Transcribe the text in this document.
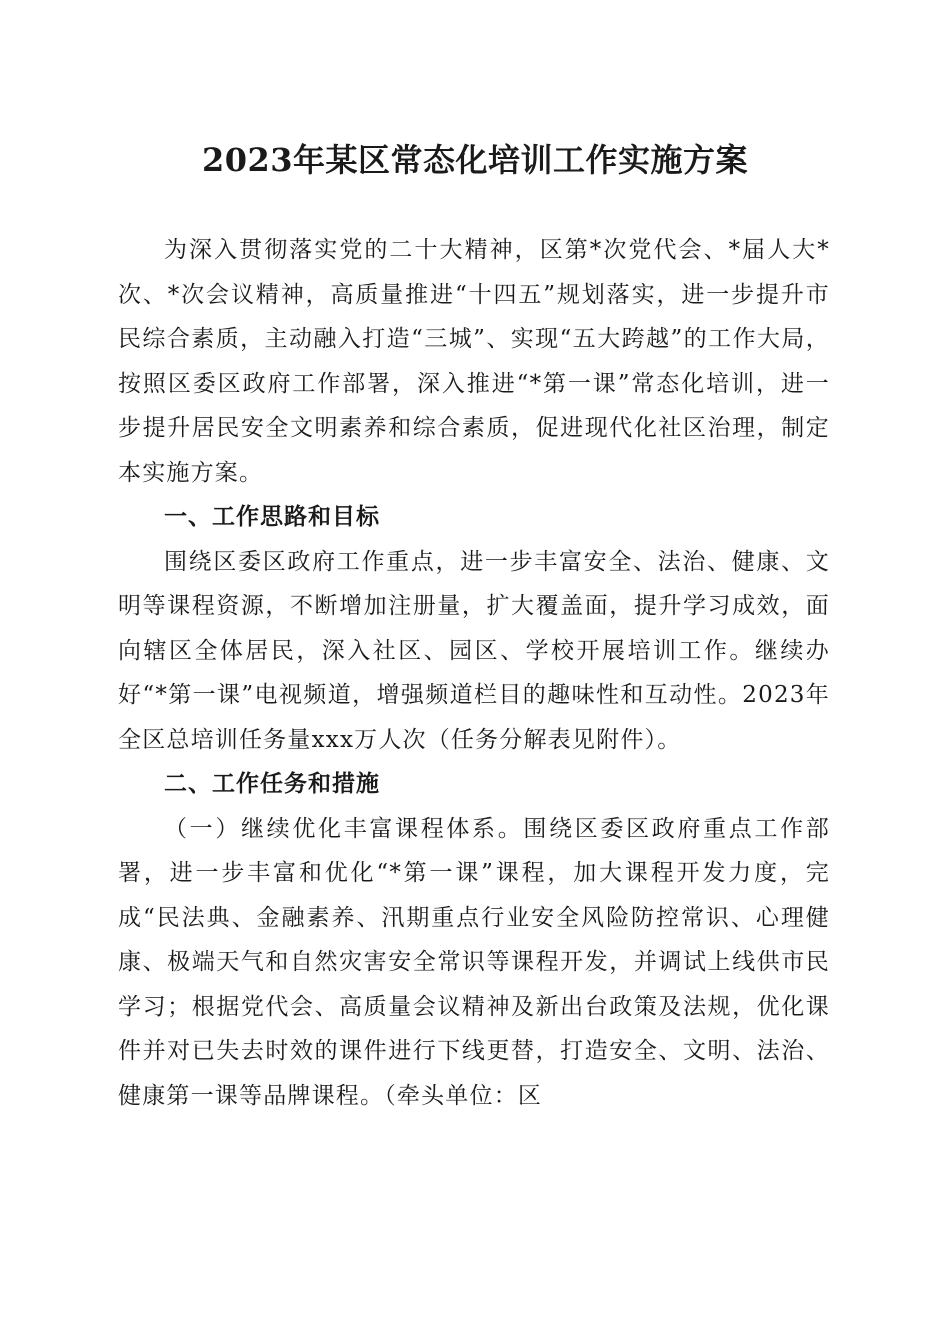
2023年某区常态化培训工作实施方案

为深入贯彻落实党的二十大精神，区第*次党代会、*届人大*次、*次会议精神，高质量推进“十四五”规划落实，进一步提升市民综合素质，主动融入打造“三城”、实现“五大跨越”的工作大局，按照区委区政府工作部署，深入推进“*第一课”常态化培训，进一步提升居民安全文明素养和综合素质，促进现代化社区治理，制定本实施方案。

一、工作思路和目标

围绕区委区政府工作重点，进一步丰富安全、法治、健康、文明等课程资源，不断增加注册量，扩大覆盖面，提升学习成效，面向辖区全体居民，深入社区、园区、学校开展培训工作。继续办好“*第一课”电视频道，增强频道栏目的趣味性和互动性。2023年全区总培训任务量xxx万人次（任务分解表见附件）。

二、工作任务和措施

（一）继续优化丰富课程体系。围绕区委区政府重点工作部署，进一步丰富和优化“*第一课”课程，加大课程开发力度，完成“民法典、金融素养、汛期重点行业安全风险防控常识、心理健康、极端天气和自然灾害安全常识等课程开发，并调试上线供市民学习；根据党代会、高质量会议精神及新出台政策及法规，优化课件并对已失去时效的课件进行下线更替，打造安全、文明、法治、健康第一课等品牌课程。（牵头单位：区
